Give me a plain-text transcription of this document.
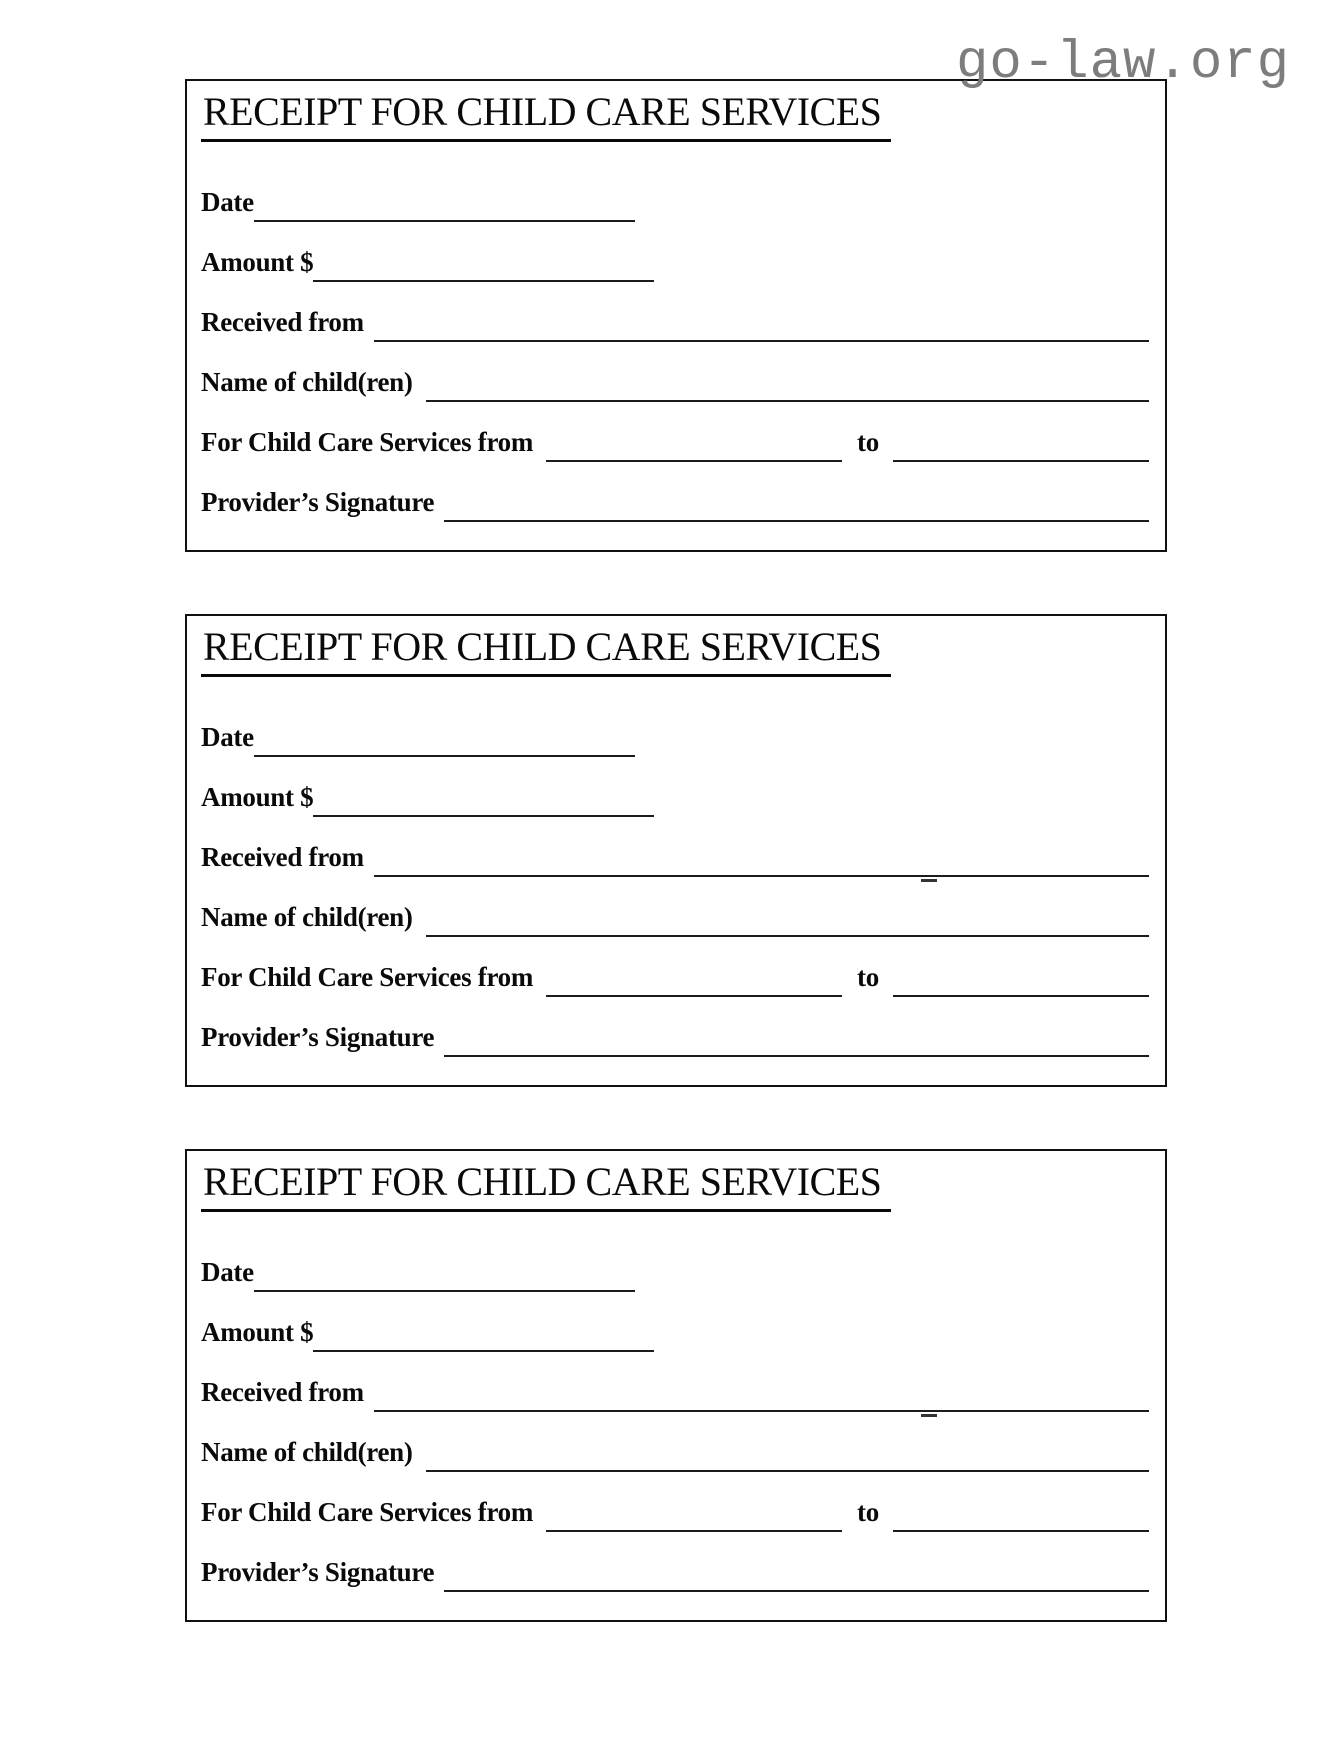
go-law.org
RECEIPT FOR CHILD CARE SERVICES
Date
Amount $
Received from
Name of child(ren)
For Child Care Services from	to
Provider’s Signature
RECEIPT FOR CHILD CARE SERVICES
Date
Amount $
Received from
Name of child(ren)
For Child Care Services from	to
Provider’s Signature
RECEIPT FOR CHILD CARE SERVICES
Date
Amount $
Received from
Name of child(ren)
For Child Care Services from	to
Provider’s Signature
